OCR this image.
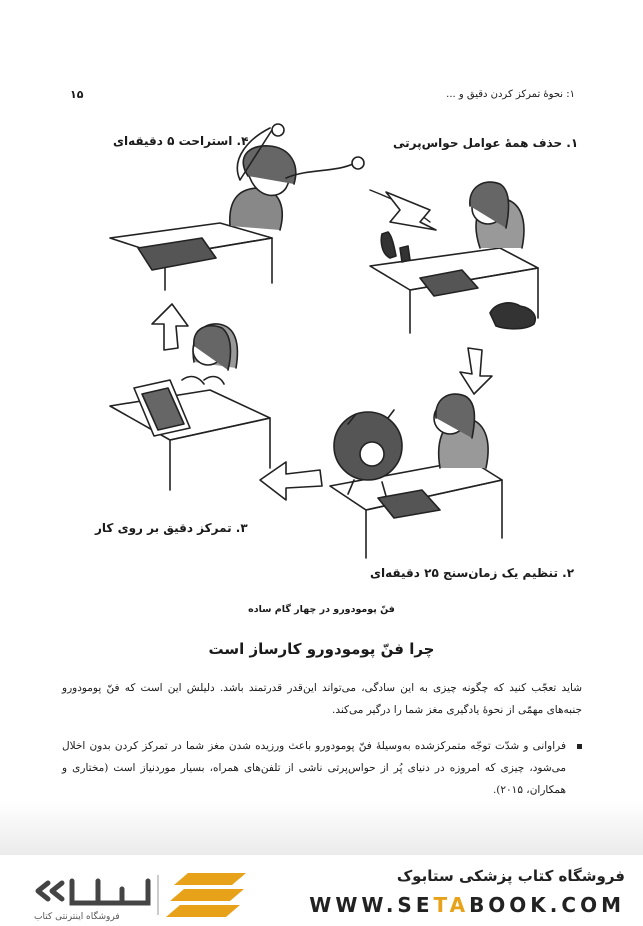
۱: نحوهٔ تمرکز کردن دقیق و ...
۱۵
۴. استراحت ۵ دقیقه‌ای	۱. حذف همهٔ عوامل حواس‌پرتی
۳. تمرکز دقیق بر روی کار
۲. تنظیم یک زمان‌سنج ۲۵ دقیقه‌ای
فنّ پومودورو در چهار گام ساده
چرا فنّ پومودورو کارساز است
شاید تعجّب کنید که چگونه چیزی به این سادگی، می‌تواند این‌قدر قدرتمند باشد. دلیلش این است که فنّ پومودورو جنبه‌های مهمّی از نحوهٔ یادگیری مغز شما را درگیر می‌کند.
فراوانی و شدّت توجّه متمرکزشده به‌وسیلهٔ فنّ پومودورو باعث ورزیده شدن مغز شما در تمرکز کردن بدون اخلال می‌شود، چیزی که امروزه در دنیای پُر از حواس‌پرتی ناشی از تلفن‌های همراه، بسیار موردنیاز است (مختاری و همکاران، ۲۰۱۵).
فروشگاه اینترنتی کتاب
فروشگاه کتاب پزشکی ستابوک
WWW.SETABOOK.COM
